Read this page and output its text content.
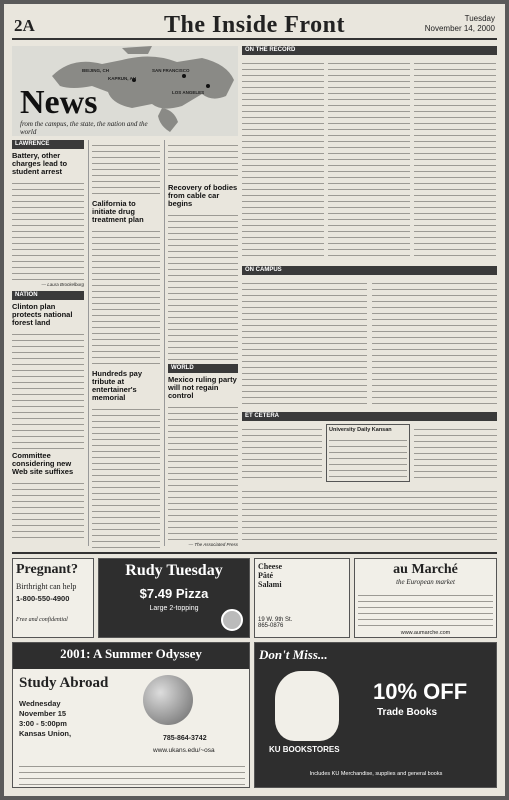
2A	The Inside Front	Tuesday
November 14, 2000
SAN FRANCISCO
LOS ANGELES
BEIJING, CH
KAPRUN, AU
News
from the campus, the state, the nation and the world
LAWRENCE
Battery, other charges lead to student arrest
— Laura Brockelburg
NATION
Clinton plan protects national forest land
Committee considering new Web site suffixes
California to initiate drug treatment plan
Hundreds pay tribute at entertainer's memorial
Recovery of bodies from cable car begins
WORLD
Mexico ruling party will not regain control
— The Associated Press
ON THE RECORD
ON CAMPUS
ET CETERA
University Daily Kansan
Pregnant?
Birthright can help
1-800-550-4900
Free and confidential
Rudy Tuesday
$7.49 Pizza
Large 2-topping
Cheese
Pâté
Salami
19 W. 9th St.
865-0876
au Marché
the European market
www.aumarche.com
2001: A Summer Odyssey
Study Abroad
Wednesday
November 15
3:00 - 5:00pm
Kansas Union,
785-864-3742
www.ukans.edu/~osa
Don't Miss...
KU BOOKSTORES
10% OFF
Trade Books
Includes KU Merchandise, supplies and general books
